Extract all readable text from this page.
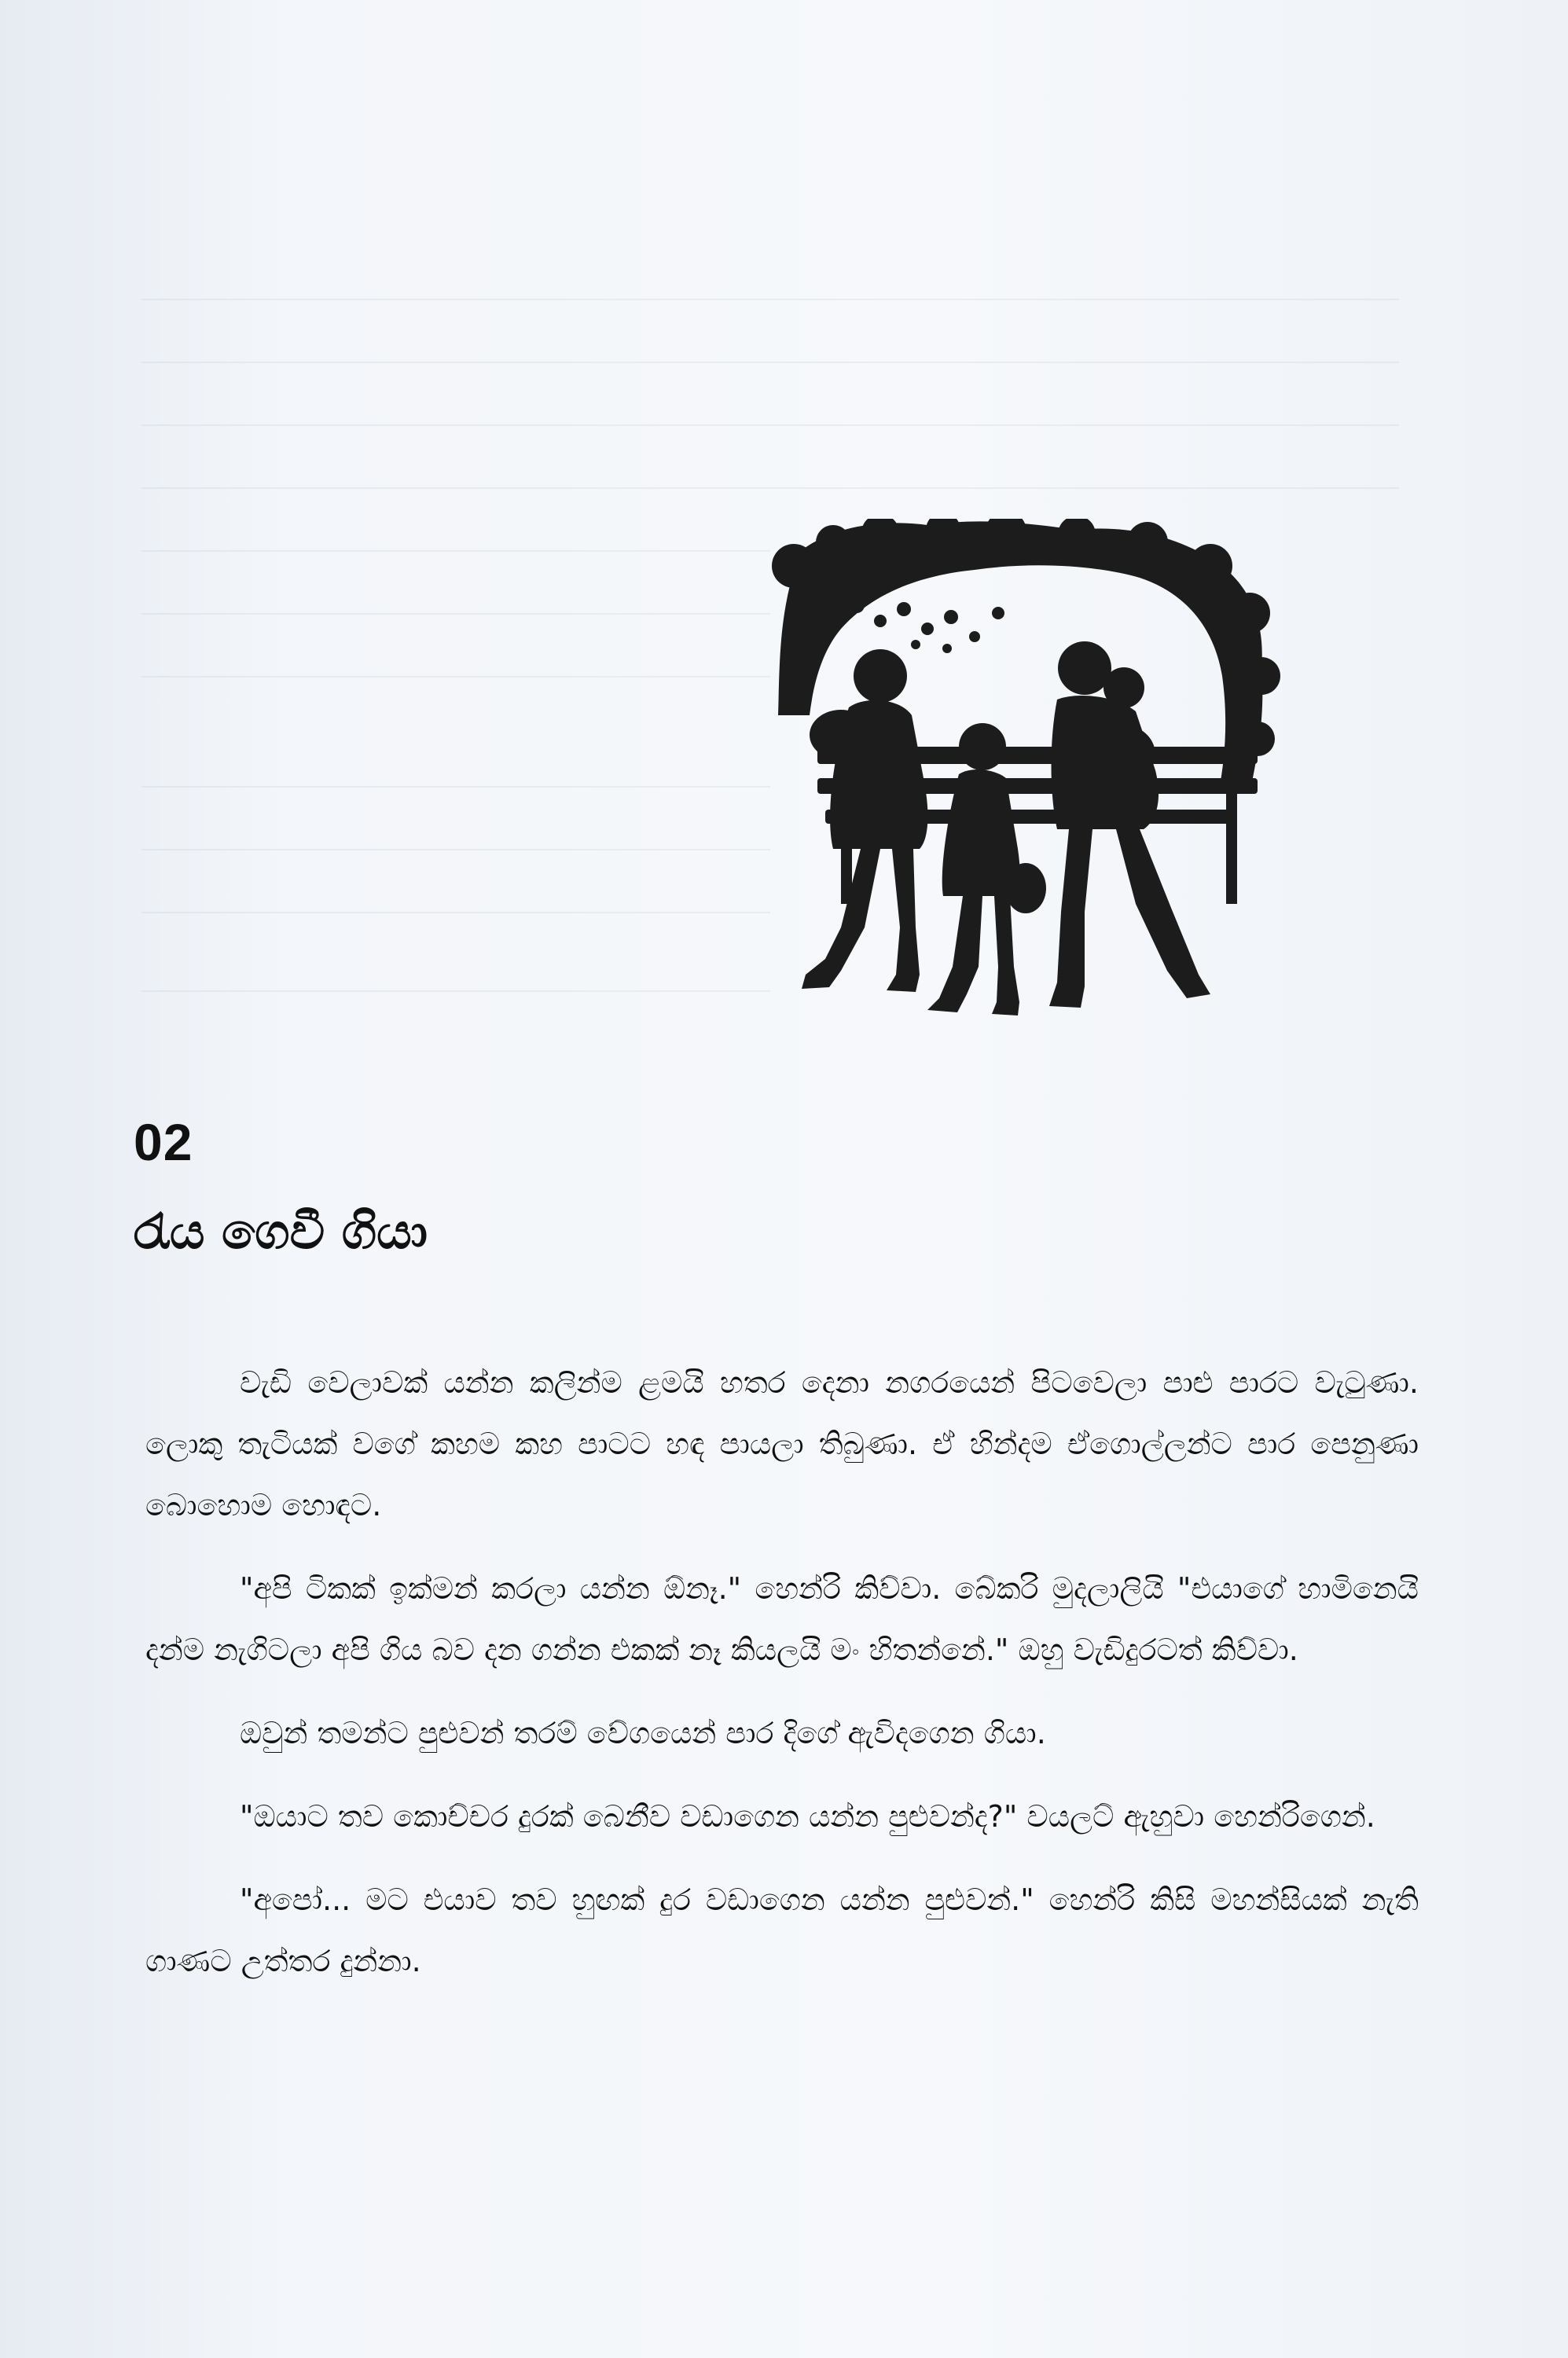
02
රැය ගෙවී ගියා

වැඩි වෙලාවක් යන්න කලින්ම ළමයි හතර දෙනා නගරයෙන් පිටවෙලා පාළු පාරට වැටුණා. ලොකු තැටියක් වගේ කහම කහ පාටට හඳ පායලා තිබුණා. ඒ හින්දම ඒගොල්ලන්ට පාර පෙනුණා බොහොම හොඳට.

"අපි ටිකක් ඉක්මන් කරලා යන්න ඕනෑ." හෙන්රි කිව්වා. බේකරි මුදලාලියි "එයාගේ හාමිනෙයි දන්ම නැගිටලා අපි ගිය බව දන ගන්න එකක් නෑ කියලයි මං හිතන්නේ." ඔහු වැඩිදුරටත් කිව්වා.

ඔවුන් තමන්ට පුළුවන් තරම් වේගයෙන් පාර දිගේ ඇවිදගෙන ගියා.

"ඔයාට තව කොච්චර දුරක් බෙනීව වඩාගෙන යන්න පුළුවන්ද?" වයලට් ඇහුවා හෙන්රිගෙන්.

"අපෝ... මට එයාව තව හුඟක් දුර වඩාගෙන යන්න පුළුවන්." හෙන්රි කිසි මහන්සියක් නැති ගාණට උත්තර දුන්නා.
